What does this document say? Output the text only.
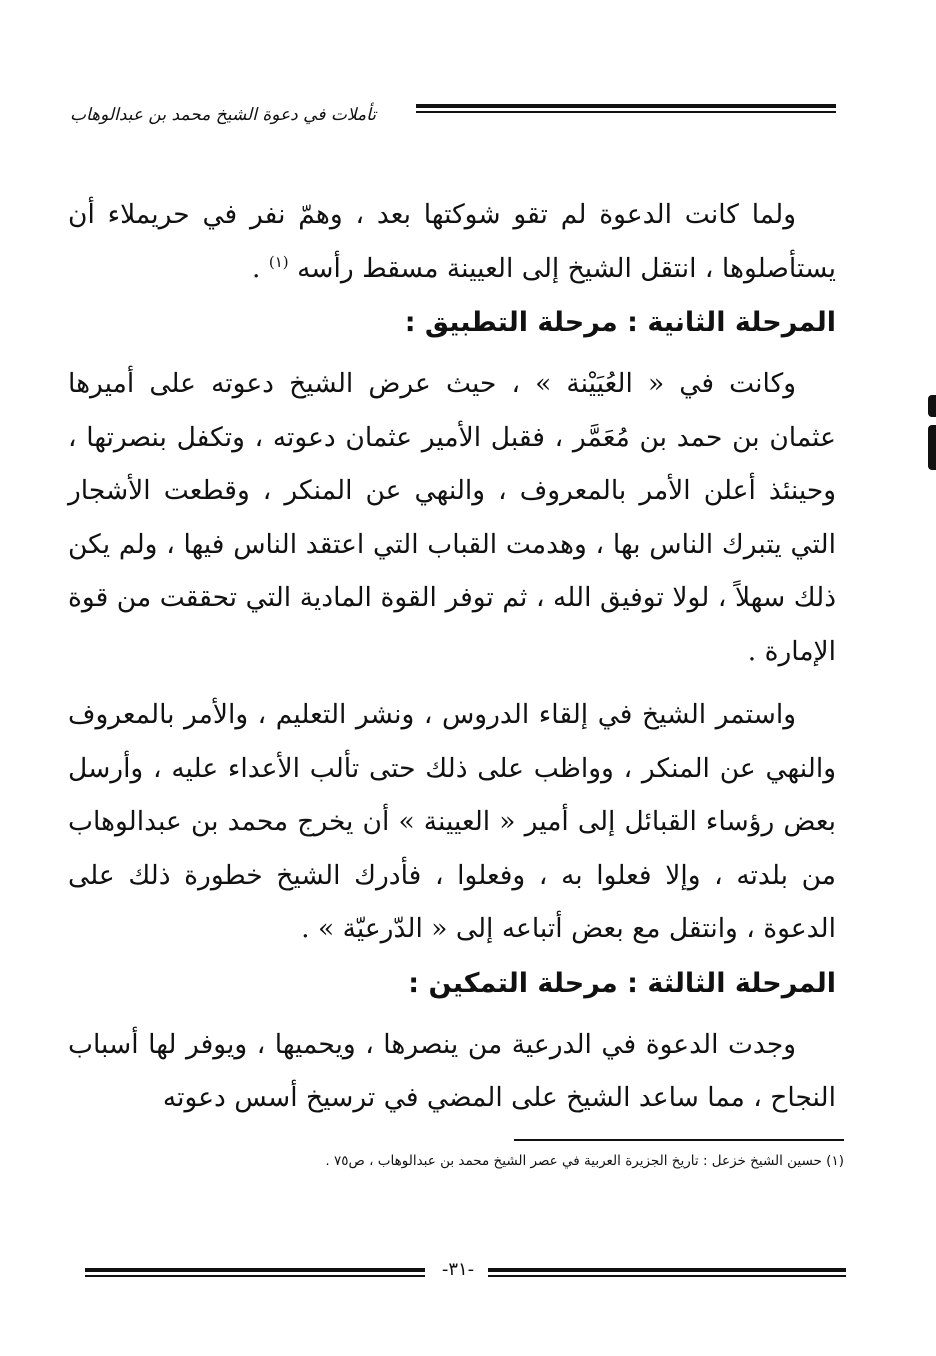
تأملات في دعوة الشيخ محمد بن عبدالوهاب

ولما كانت الدعوة لم تقو شوكتها بعد ، وهمّ نفر في حريملاء أن يستأصلوها ، انتقل الشيخ إلى العيينة مسقط رأسه $^{(١)}$ .

المرحلة الثانية : مرحلة التطبيق :

وكانت في « العُيَيْنة » ، حيث عرض الشيخ دعوته على أميرها عثمان بن حمد بن مُعَمَّر ، فقبل الأمير عثمان دعوته ، وتكفل بنصرتها ، وحينئذ أعلن الأمر بالمعروف ، والنهي عن المنكر ، وقطعت الأشجار التي يتبرك الناس بها ، وهدمت القباب التي اعتقد الناس فيها ، ولم يكن ذلك سهلاً ، لولا توفيق الله ، ثم توفر القوة المادية التي تحققت من قوة الإمارة .

واستمر الشيخ في إلقاء الدروس ، ونشر التعليم ، والأمر بالمعروف والنهي عن المنكر ، وواظب على ذلك حتى تألب الأعداء عليه ، وأرسل بعض رؤساء القبائل إلى أمير « العيينة » أن يخرج محمد بن عبدالوهاب من بلدته ، وإلا فعلوا به ، وفعلوا ، فأدرك الشيخ خطورة ذلك على الدعوة ، وانتقل مع بعض أتباعه إلى « الدّرعيّة » .

المرحلة الثالثة : مرحلة التمكين :

وجدت الدعوة في الدرعية من ينصرها ، ويحميها ، ويوفر لها أسباب النجاح ، مما ساعد الشيخ على المضي في ترسيخ أسس دعوته

(١) حسين الشيخ خزعل : تاريخ الجزيرة العربية في عصر الشيخ محمد بن عبدالوهاب ، ص٧٥ .
-٣١-
